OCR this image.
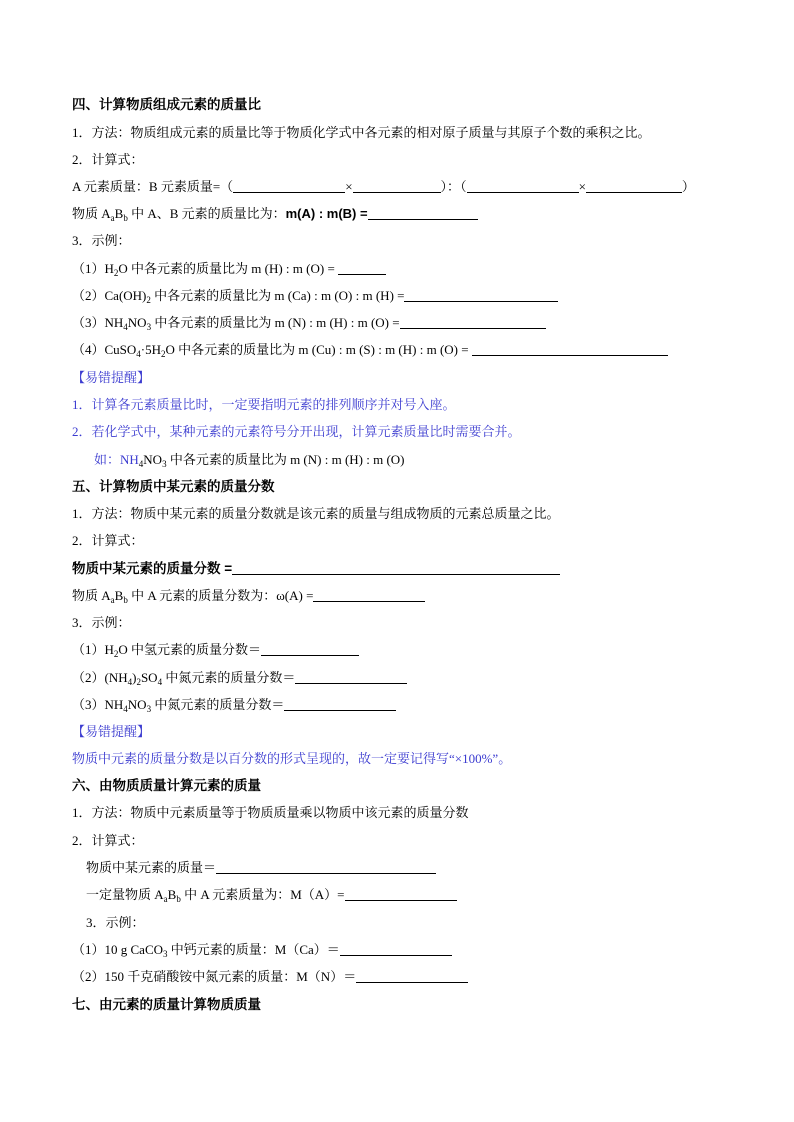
四、计算物质组成元素的质量比
1．方法：物质组成元素的质量比等于物质化学式中各元素的相对原子质量与其原子个数的乘积之比。
2．计算式：
A 元素质量：B 元素质量=（	×	）：（	×	）
物质 $A_aB_b$ 中 A、B 元素的质量比为：m(A) : m(B) =
3．示例：
$(1)H_2O$ 中各元素的质量比为 m (H) : m (O) =
$(2)Ca(OH)_2$ 中各元素的质量比为 m (Ca) : m (O) : m (H) =
$(3)NH_4NO_3$ 中各元素的质量比为 m (N) : m (H) : m (O) =
$(4)CuSO_4\cdot 5H_2O$ 中各元素的质量比为 m (Cu) : m (S) : m (H) : m (O) =
【易错提醒】
1．计算各元素质量比时，一定要指明元素的排列顺序并对号入座。
2．若化学式中，某种元素的元素符号分开出现，计算元素质量比时需要合并。
如：$NH_4NO_3$ 中各元素的质量比为 m (N) : m (H) : m (O)
五、计算物质中某元素的质量分数
1．方法：物质中某元素的质量分数就是该元素的质量与组成物质的元素总质量之比。
2．计算式：
物质中某元素的质量分数 =
物质 $A_aB_b$ 中 A 元素的质量分数为：ω(A) =
3．示例：
$(1)H_2O$ 中氢元素的质量分数＝
$(2)(NH_4)_2SO_4$ 中氮元素的质量分数＝
$(3)NH_4NO_3$ 中氮元素的质量分数＝
【易错提醒】
物质中元素的质量分数是以百分数的形式呈现的，故一定要记得写“×100%”。
六、由物质质量计算元素的质量
1．方法：物质中元素质量等于物质质量乘以物质中该元素的质量分数
2．计算式：
物质中某元素的质量＝
一定量物质 $A_aB_b$ 中 A 元素质量为：M（A）=
3．示例：
（1）10 g CaCO$_3$ 中钙元素的质量：M（Ca）＝
（2）150 千克硝酸铵中氮元素的质量：M（N）＝
七、由元素的质量计算物质质量
